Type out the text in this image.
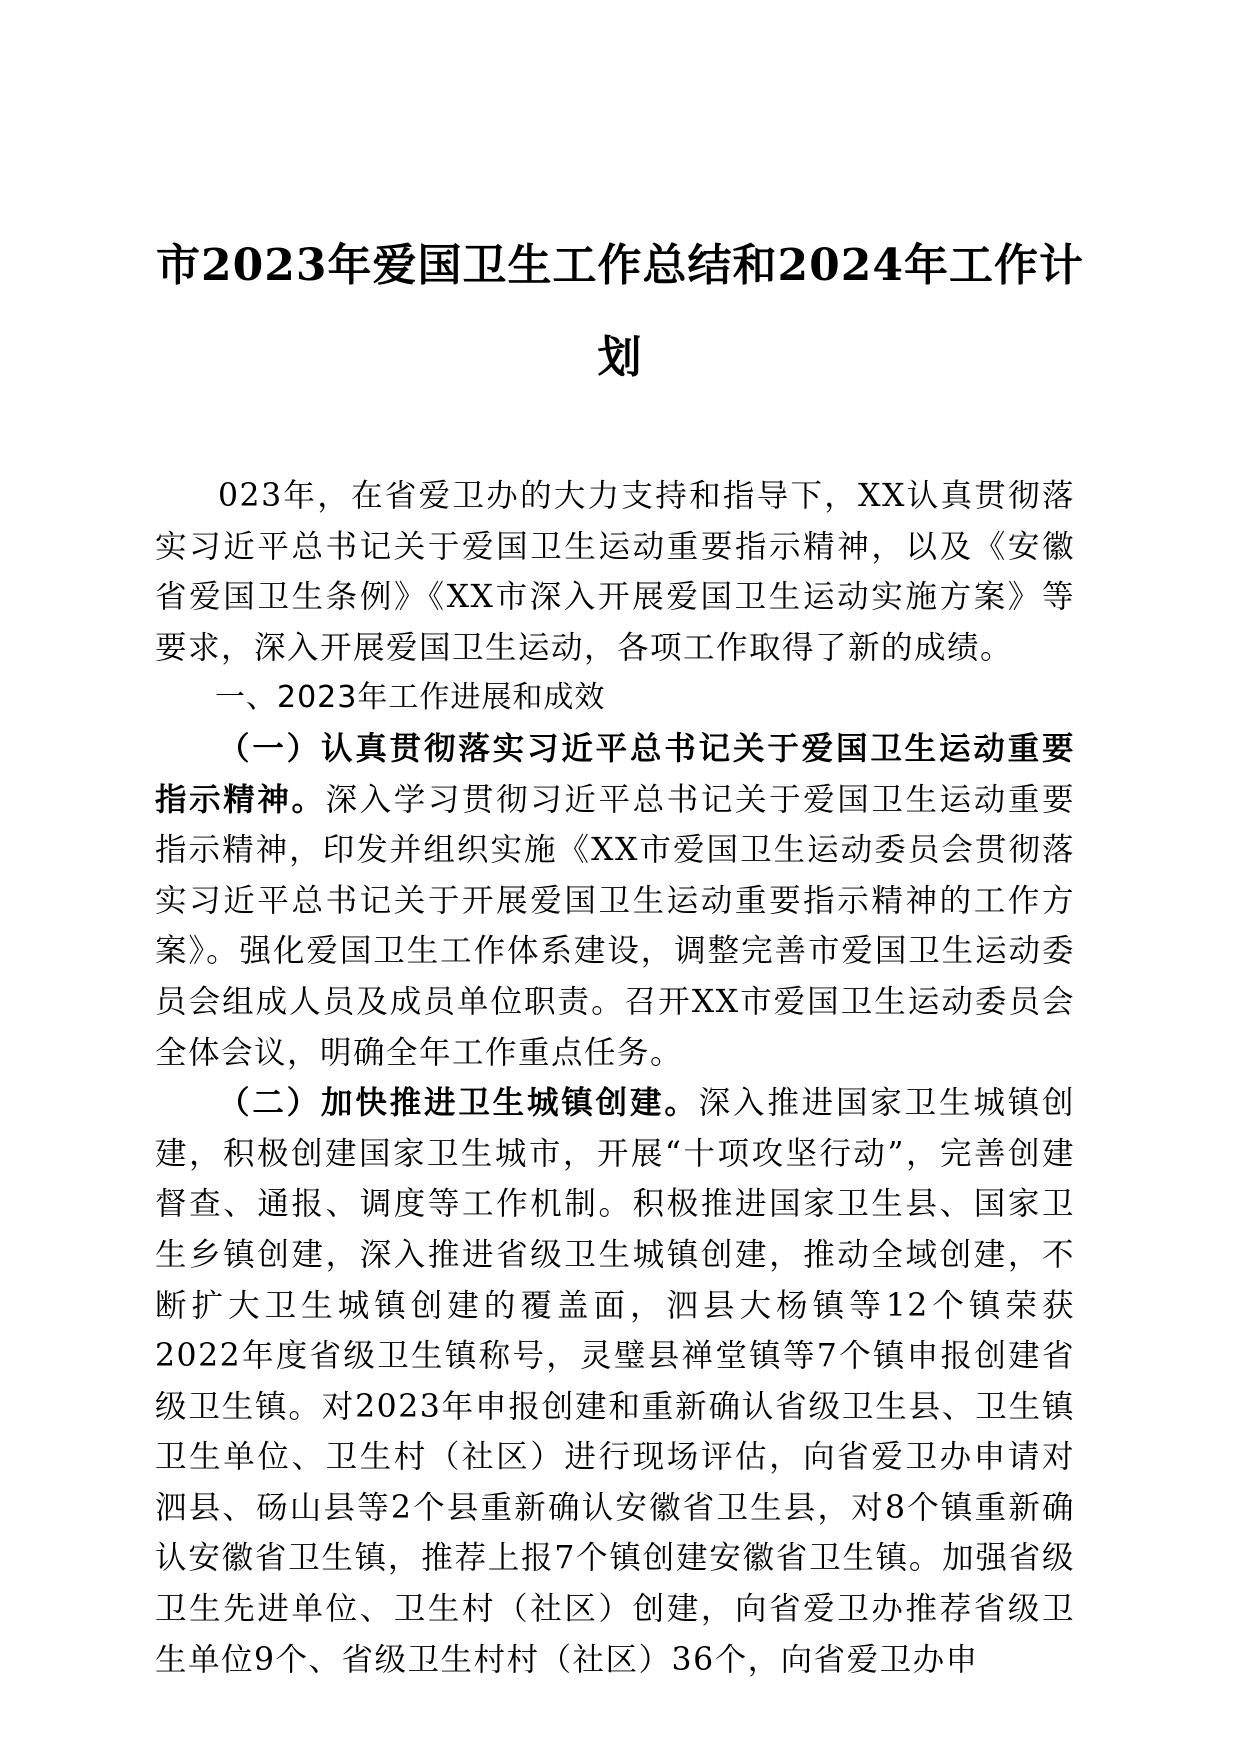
市2023年爱国卫生工作总结和2024年工作计划

023年，在省爱卫办的大力支持和指导下，XX认真贯彻落实习近平总书记关于爱国卫生运动重要指示精神，以及《安徽省爱国卫生条例》《XX市深入开展爱国卫生运动实施方案》等要求，深入开展爱国卫生运动，各项工作取得了新的成绩。

一、2023年工作进展和成效

（一）认真贯彻落实习近平总书记关于爱国卫生运动重要指示精神。深入学习贯彻习近平总书记关于爱国卫生运动重要指示精神，印发并组织实施《XX市爱国卫生运动委员会贯彻落实习近平总书记关于开展爱国卫生运动重要指示精神的工作方案》。强化爱国卫生工作体系建设，调整完善市爱国卫生运动委员会组成人员及成员单位职责。召开XX市爱国卫生运动委员会全体会议，明确全年工作重点任务。

（二）加快推进卫生城镇创建。深入推进国家卫生城镇创建，积极创建国家卫生城市，开展“十项攻坚行动”，完善创建督查、通报、调度等工作机制。积极推进国家卫生县、国家卫生乡镇创建，深入推进省级卫生城镇创建，推动全域创建，不断扩大卫生城镇创建的覆盖面，泗县大杨镇等12个镇荣获2022年度省级卫生镇称号，灵璧县禅堂镇等7个镇申报创建省级卫生镇。对2023年申报创建和重新确认省级卫生县、卫生镇卫生单位、卫生村（社区）进行现场评估，向省爱卫办申请对泗县、砀山县等2个县重新确认安徽省卫生县，对8个镇重新确认安徽省卫生镇，推荐上报7个镇创建安徽省卫生镇。加强省级卫生先进单位、卫生村（社区）创建，向省爱卫办推荐省级卫生单位9个、省级卫生村村（社区）36个，向省爱卫办申
